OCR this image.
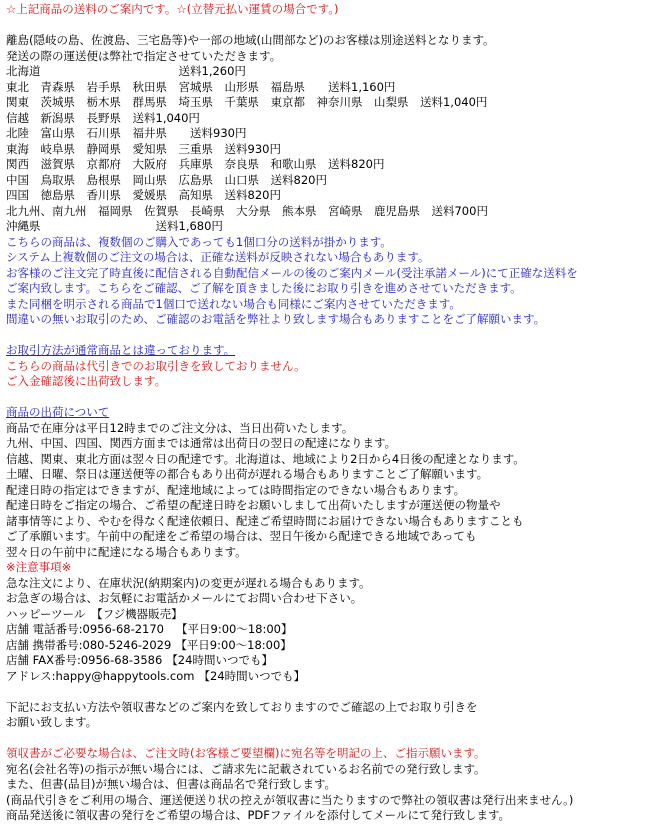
☆上記商品の送料のご案内です。☆(立替元払い運賃の場合です。)
離島(隠岐の島、佐渡島、三宅島等)や一部の地域(山間部など)のお客様は別途送料となります。
発送の際の運送便は弊社で指定させていただきます。
北海道　　　　　　　　　　　　送料1,260円
東北　青森県　岩手県　秋田県　宮城県　山形県　福島県　　送料1,160円
関東　茨城県　栃木県　群馬県　埼玉県　千葉県　東京都　神奈川県　山梨県　送料1,040円
信越　新潟県　長野県　送料1,040円
北陸　富山県　石川県　福井県　　送料930円
東海　岐阜県　静岡県　愛知県　三重県　送料930円
関西　滋賀県　京都府　大阪府　兵庫県　奈良県　和歌山県　送料820円
中国　鳥取県　島根県　岡山県　広島県　山口県　送料820円
四国　徳島県　香川県　愛媛県　高知県　送料820円
北九州、南九州　福岡県　佐賀県　長崎県　大分県　熊本県　宮崎県　鹿児島県　送料700円
沖縄県　　　　　　　　　　送料1,680円
こちらの商品は、複数個のご購入であっても1個口分の送料が掛かります。
システム上複数個のご注文の場合は、正確な送料が反映されない場合もあります。
お客様のご注文完了時直後に配信される自動配信メールの後のご案内メール(受注承諾メール)にて正確な送料を
ご案内致します。こちらをご確認、ご了解を頂きました後にお取り引きを進めさせていただきます。
また同梱を明示される商品で1個口で送れない場合も同様にご案内させていただきます。
間違いの無いお取引のため、ご確認のお電話を弊社より致します場合もありますことをご了解願います。
お取引方法が通常商品とは違っております。
こちらの商品は代引きでのお取引きを致しておりません。
ご入金確認後に出荷致します。
商品の出荷について
商品で在庫分は平日12時までのご注文分は、当日出荷いたします。
九州、中国、四国、関西方面までは通常は出荷日の翌日の配達になります。
信越、関東、東北方面は翌々日の配達です。北海道は、地域により2日から4日後の配達となります。
土曜、日曜、祭日は運送便等の都合もあり出荷が遅れる場合もありますことご了解願います。
配達日時の指定はできますが、配達地域によっては時間指定のできない場合もあります。
配達日時をご指定の場合、ご希望の配達日時をお願いしまして出荷いたしますが運送便の物量や
諸事情等により、やむを得なく配達依頼日、配達ご希望時間にお届けできない場合もありますことも
ご了承願います。午前中の配達をご希望の場合は、翌日午後から配達できる地域であっても
翌々日の午前中に配達になる場合もあります。
※注意事項※
急な注文により、在庫状況(納期案内)の変更が遅れる場合もあります。
お急ぎの場合は、お気軽にお電話かメールにてお問い合わせ下さい。
ハッピーツール　【フジ機器販売】
店舗 電話番号:0956-68-2170 【平日9:00～18:00】
店舗 携帯番号:080-5246-2029 【平日9:00～18:00】
店舗 FAX番号:0956-68-3586 【24時間いつでも】
アドレス:happy@happytools.com 【24時間いつでも】
下記にお支払い方法や領収書などのご案内を致しておりますのでご確認の上でお取り引きを
お願い致します。
領収書がご必要な場合は、ご注文時(お客様ご要望欄)に宛名等を明記の上、ご指示願います。
宛名(会社名等)の指示が無い場合には、ご請求先に記載されているお名前での発行致します。
また、但書(品目)が無い場合は、但書は商品名で発行致します。
(商品代引きをご利用の場合、運送便送り状の控えが領収書に当たりますので弊社の領収書は発行出来ません。)
商品発送後に領収書の発行をご希望の場合は、PDFファイルを添付してメールにて発行致します。
